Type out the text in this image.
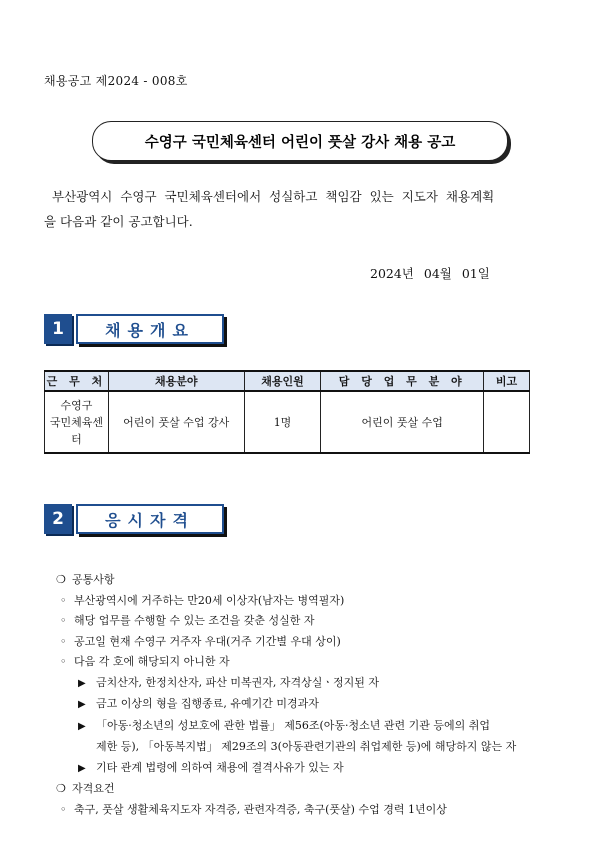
채용공고 제2024 - 008호
수영구 국민체육센터 어린이 풋살 강사 채용 공고
부산광역시 수영구 국민체육센터에서 성실하고 책임감 있는 지도자 채용계획
을 다음과 같이 공고합니다.
2024년 04월 01일
1	채용개요
근 무 처	채용분야	채용인원	담 당 업 무 분 야	비고
수영구
국민체육센터	어린이 풋살 수업 강사	1명	어린이 풋살 수업	
2	응시자격
❍ 공통사항
◦ 부산광역시에 거주하는 만20세 이상자(남자는 병역필자)
◦ 해당 업무를 수행할 수 있는 조건을 갖춘 성실한 자
◦ 공고일 현재 수영구 거주자 우대(거주 기간별 우대 상이)
◦ 다음 각 호에 해당되지 아니한 자
▶ 금치산자, 한정치산자, 파산 미복권자, 자격상실ㆍ정지된 자
▶ 금고 이상의 형을 집행종료, 유예기간 미경과자
▶ 「아동·청소년의 성보호에 관한 법률」 제56조(아동·청소년 관련 기관 등에의 취업
제한 등), 「아동복지법」 제29조의 3(아동관련기관의 취업제한 등)에 해당하지 않는 자
▶ 기타 관계 법령에 의하여 채용에 결격사유가 있는 자
❍ 자격요건
◦ 축구, 풋살 생활체육지도자 자격증, 관련자격증, 축구(풋살) 수업 경력 1년이상
